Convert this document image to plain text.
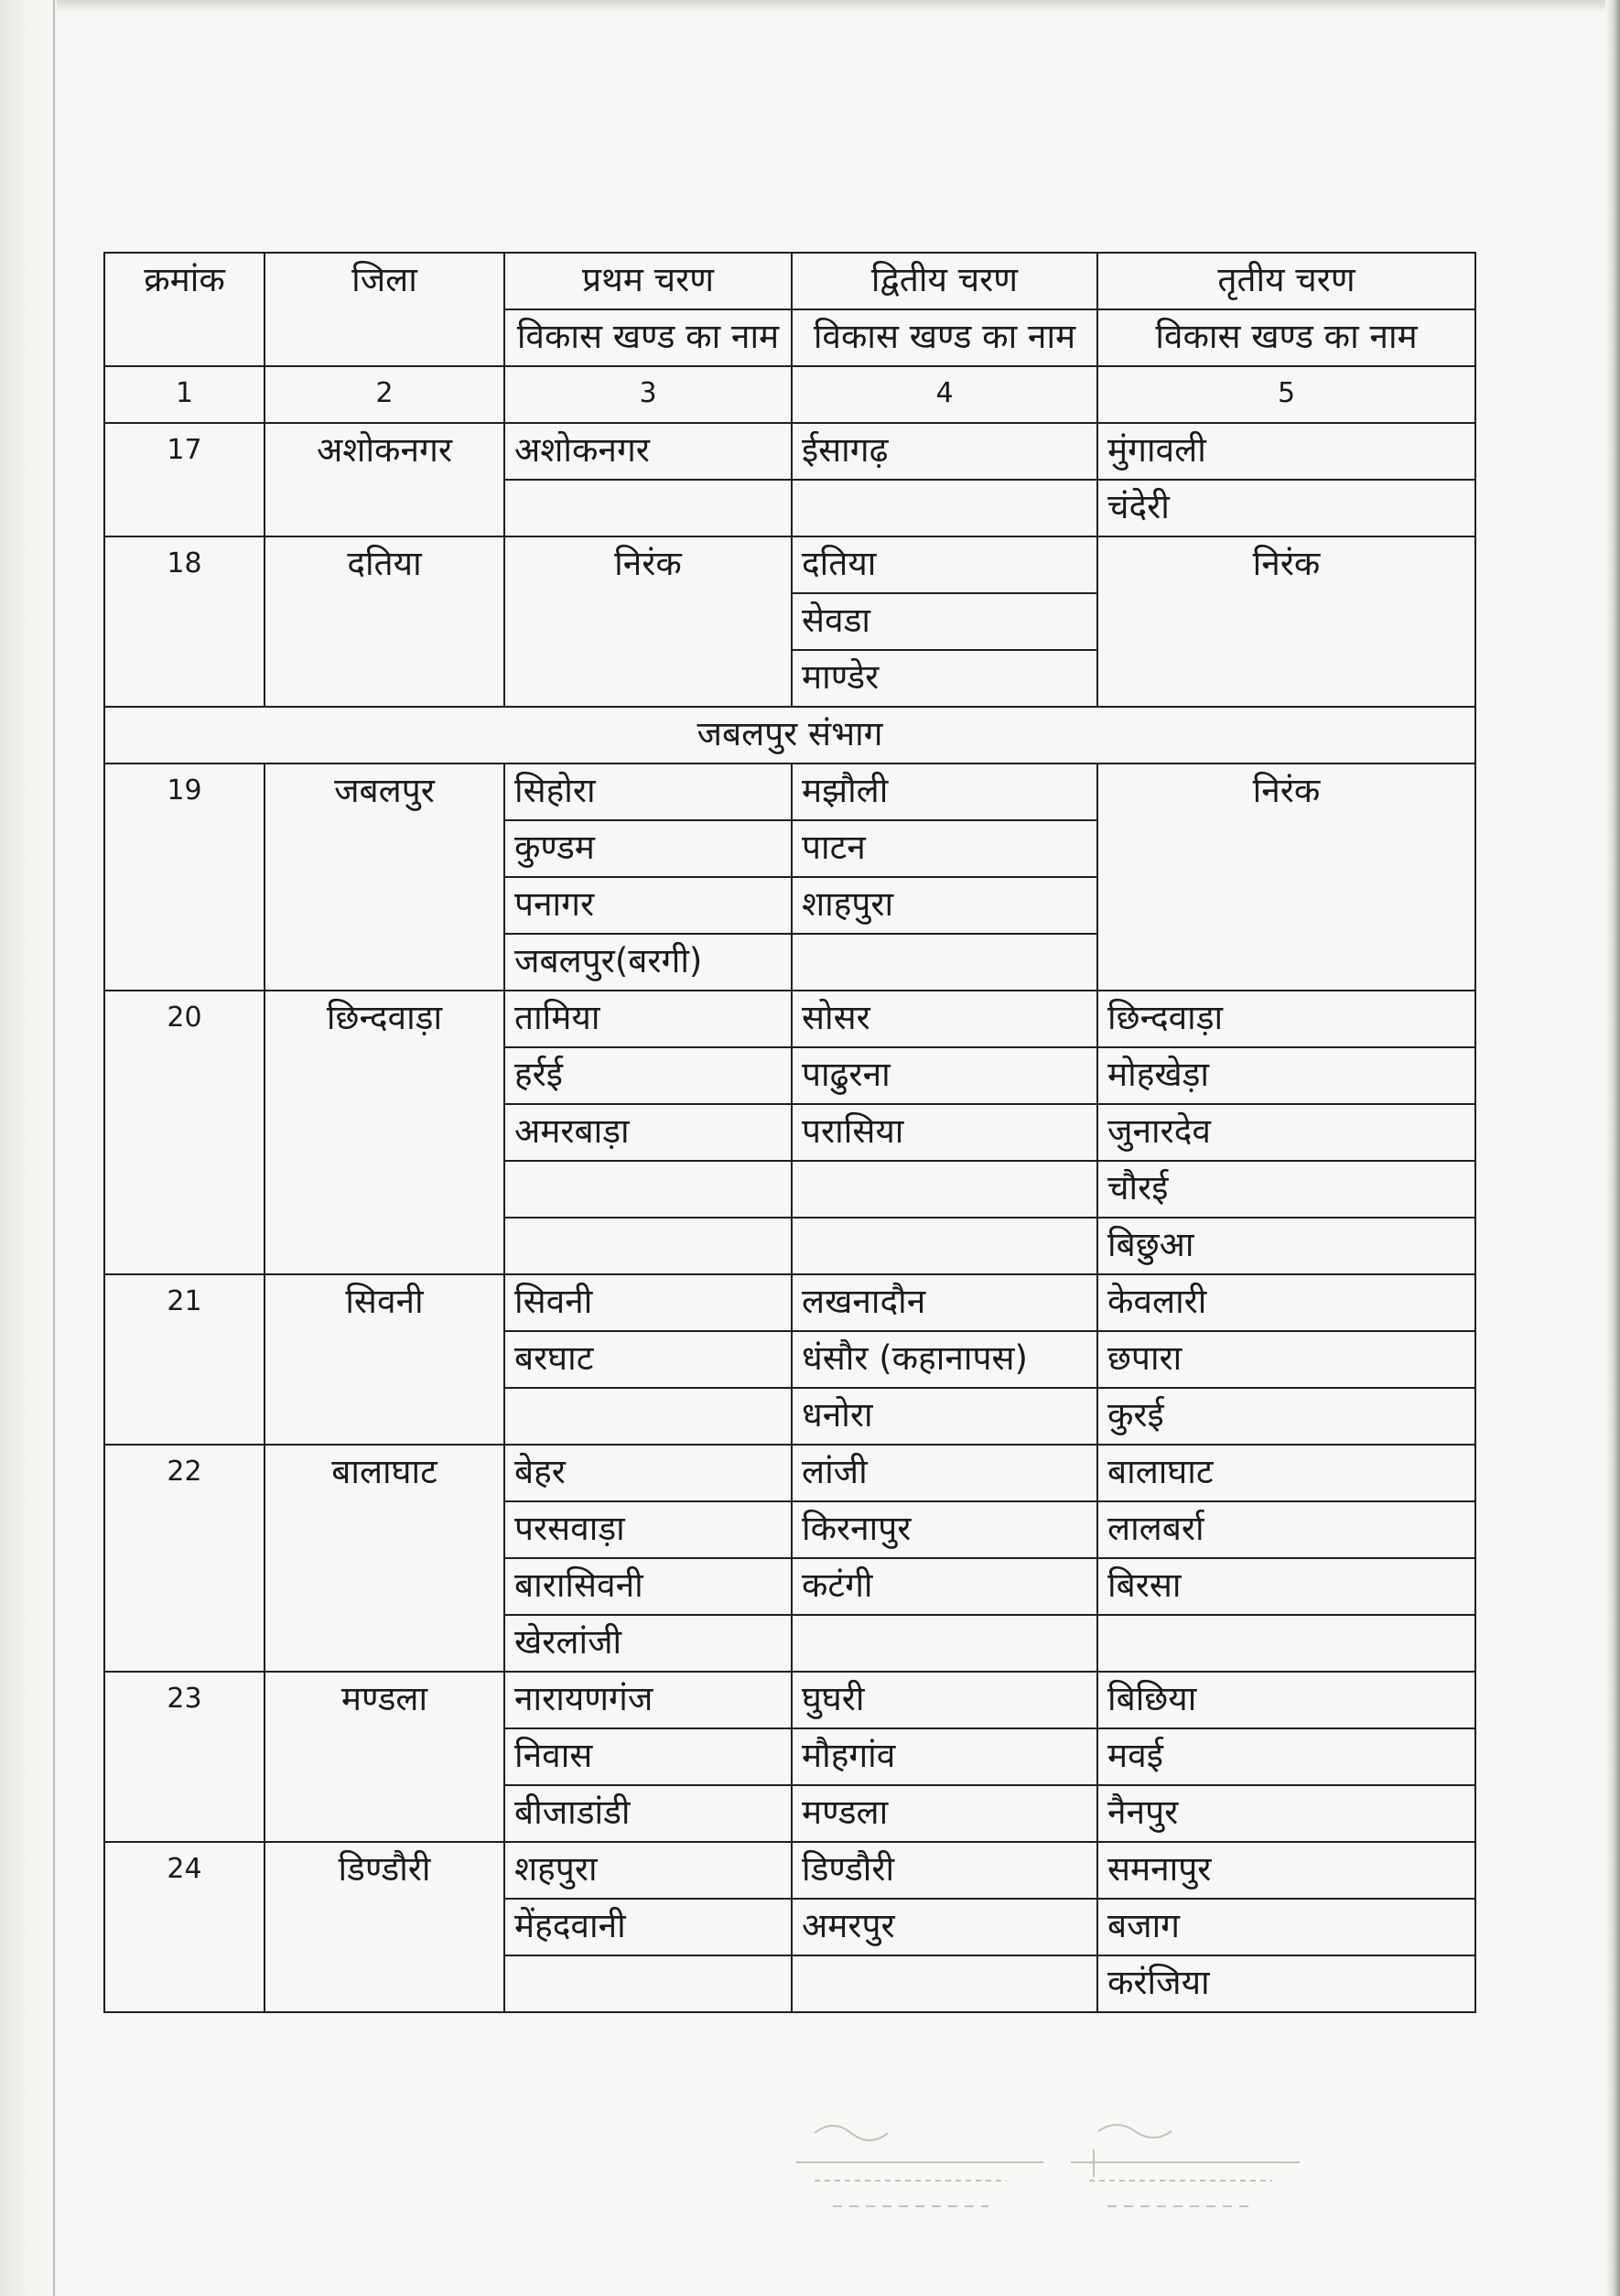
क्रमांक	जिला	प्रथम चरण	द्वितीय चरण	तृतीय चरण
		विकास खण्ड का नाम	विकास खण्ड का नाम	विकास खण्ड का नाम
1	2	3	4	5
17	अशोकनगर	अशोकनगर	ईसागढ़	मुंगावली
				चंदेरी
18	दतिया	निरंक	दतिया	निरंक
			सेवडा	
			माण्डेर	
जबलपुर संभाग				
19	जबलपुर	सिहोरा	मझौली	निरंक
		कुण्डम	पाटन	
		पनागर	शाहपुरा	
		जबलपुर(बरगी)		
20	छिन्दवाड़ा	तामिया	सोसर	छिन्दवाड़ा
		हर्रई	पाढुरना	मोहखेड़ा
		अमरबाड़ा	परासिया	जुनारदेव
				चौरई
				बिछुआ
21	सिवनी	सिवनी	लखनादौन	केवलारी
		बरघाट	धंसौर (कहानापस)	छपारा
			धनोरा	कुरई
22	बालाघाट	बेहर	लांजी	बालाघाट
		परसवाड़ा	किरनापुर	लालबर्रा
		बारासिवनी	कटंगी	बिरसा
		खेरलांजी		
23	मण्डला	नारायणगंज	घुघरी	बिछिया
		निवास	मौहगांव	मवई
		बीजाडांडी	मण्डला	नैनपुर
24	डिण्डौरी	शहपुरा	डिण्डौरी	समनापुर
		मेंहदवानी	अमरपुर	बजाग
				करंजिया
